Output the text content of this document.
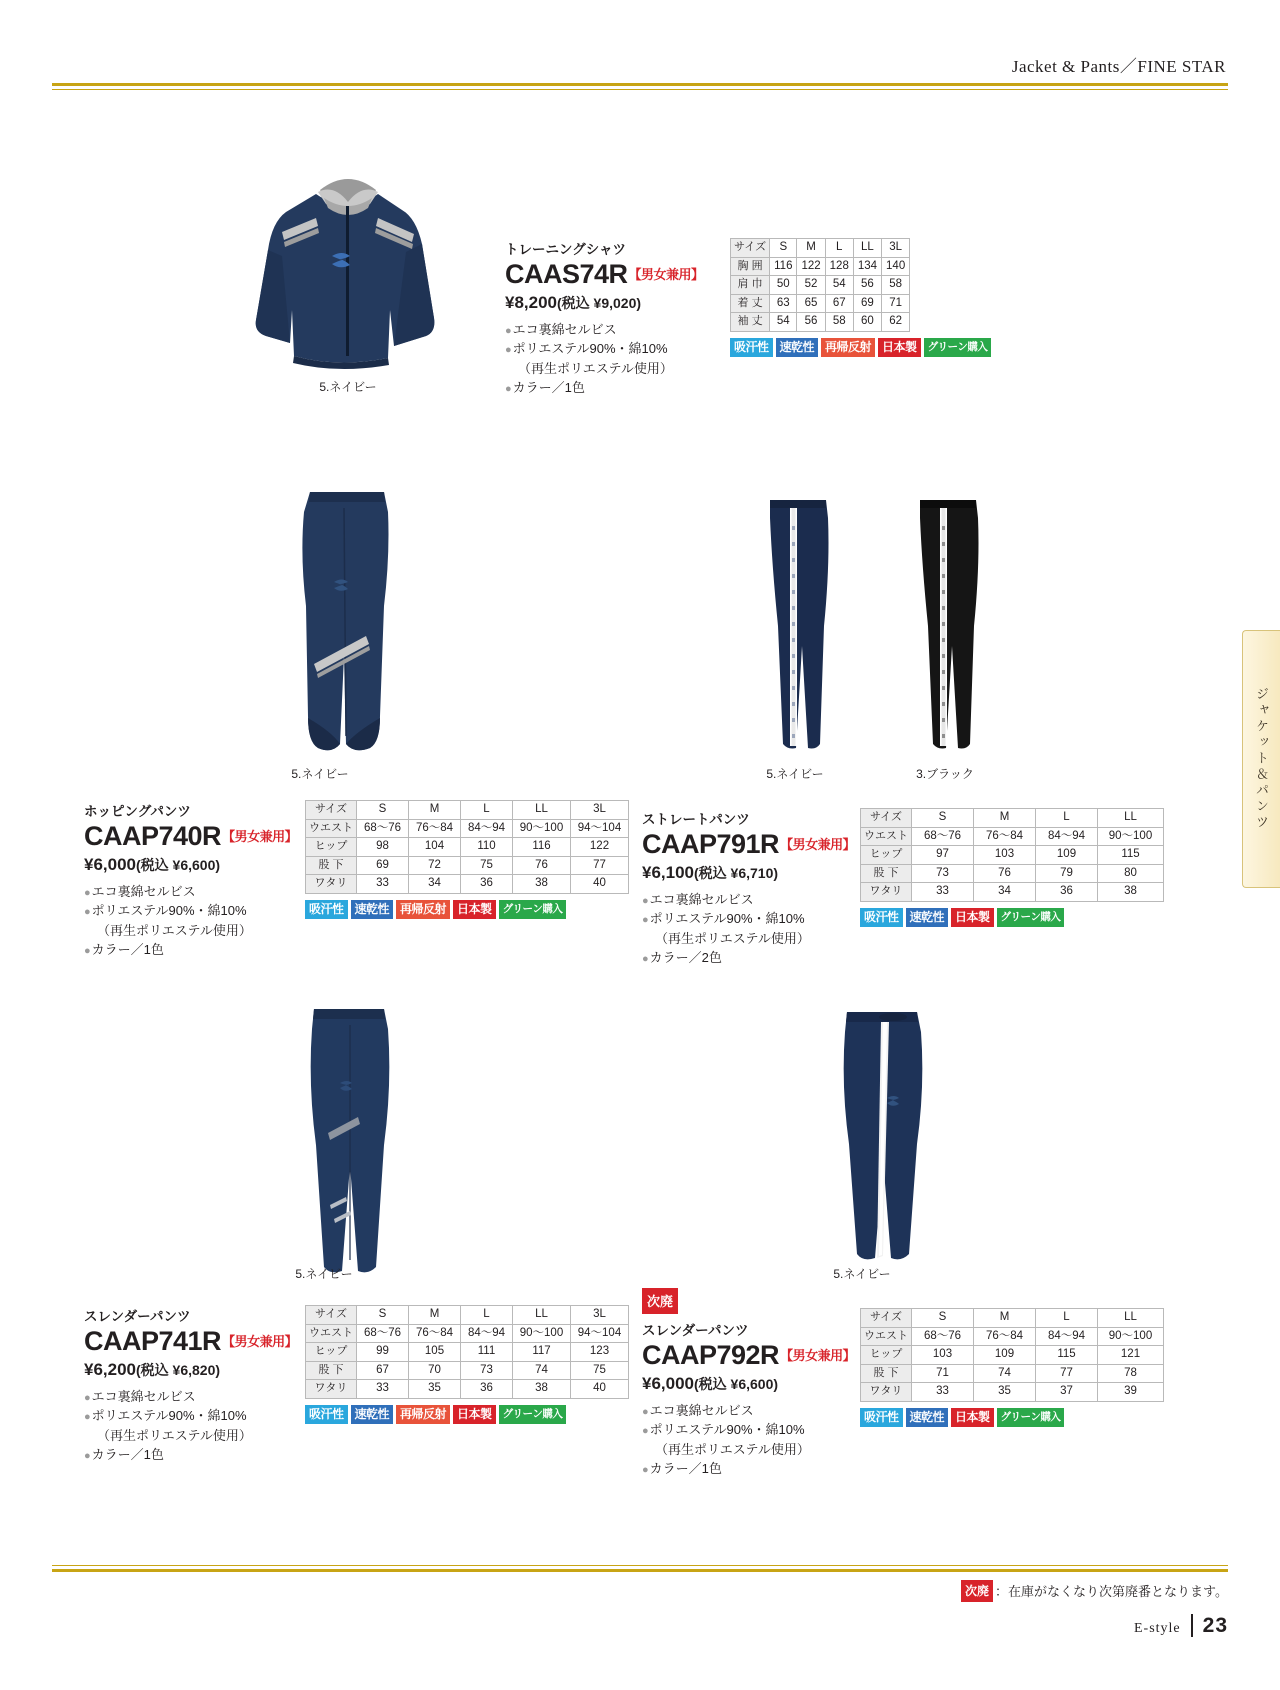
Jacket & Pants／FINE STAR
ジャケット＆パンツ
5.ネイビー
トレーニングシャツ
CAAS74R【男女兼用】
¥8,200(税込 ¥9,020)
●エコ裏綿セルビス
●ポリエステル90%・綿10%
（再生ポリエステル使用）
●カラー／1色
サイズ	S	M	L	LL	3L
胸 囲	116	122	128	134	140
肩 巾	50	52	54	56	58
着 丈	63	65	67	69	71
袖 丈	54	56	58	60	62
吸汗性 速乾性 再帰反射 日本製	グリーン購入
5.ネイビー
ホッピングパンツ
CAAP740R【男女兼用】
¥6,000(税込 ¥6,600)
●エコ裏綿セルビス
●ポリエステル90%・綿10%
（再生ポリエステル使用）
●カラー／1色
サイズ	S	M	L	LL	3L
ウエスト	68〜76	76〜84	84〜94	90〜100	94〜104
ヒップ	98	104	110	116	122
股 下	69	72	75	76	77
ワタリ	33	34	36	38	40
吸汗性 速乾性 再帰反射 日本製	グリーン購入
5.ネイビー	3.ブラック
ストレートパンツ
CAAP791R【男女兼用】
¥6,100(税込 ¥6,710)
●エコ裏綿セルビス
●ポリエステル90%・綿10%
（再生ポリエステル使用）
●カラー／2色
サイズ	S	M	L	LL
ウエスト	68〜76	76〜84	84〜94	90〜100
ヒップ	97	103	109	115
股 下	73	76	79	80
ワタリ	33	34	36	38
吸汗性 速乾性 日本製	グリーン購入
5.ネイビー
スレンダーパンツ
CAAP741R【男女兼用】
¥6,200(税込 ¥6,820)
●エコ裏綿セルビス
●ポリエステル90%・綿10%
（再生ポリエステル使用）
●カラー／1色
サイズ	S	M	L	LL	3L
ウエスト	68〜76	76〜84	84〜94	90〜100	94〜104
ヒップ	99	105	111	117	123
股 下	67	70	73	74	75
ワタリ	33	35	36	38	40
吸汗性 速乾性 再帰反射 日本製	グリーン購入
5.ネイビー
次廃
スレンダーパンツ
CAAP792R【男女兼用】
¥6,000(税込 ¥6,600)
●エコ裏綿セルビス
●ポリエステル90%・綿10%
（再生ポリエステル使用）
●カラー／1色
サイズ	S	M	L	LL
ウエスト	68〜76	76〜84	84〜94	90〜100
ヒップ	103	109	115	121
股 下	71	74	77	78
ワタリ	33	35	37	39
吸汗性 速乾性 日本製	グリーン購入
次廃 ：在庫がなくなり次第廃番となります。
E-style 23
